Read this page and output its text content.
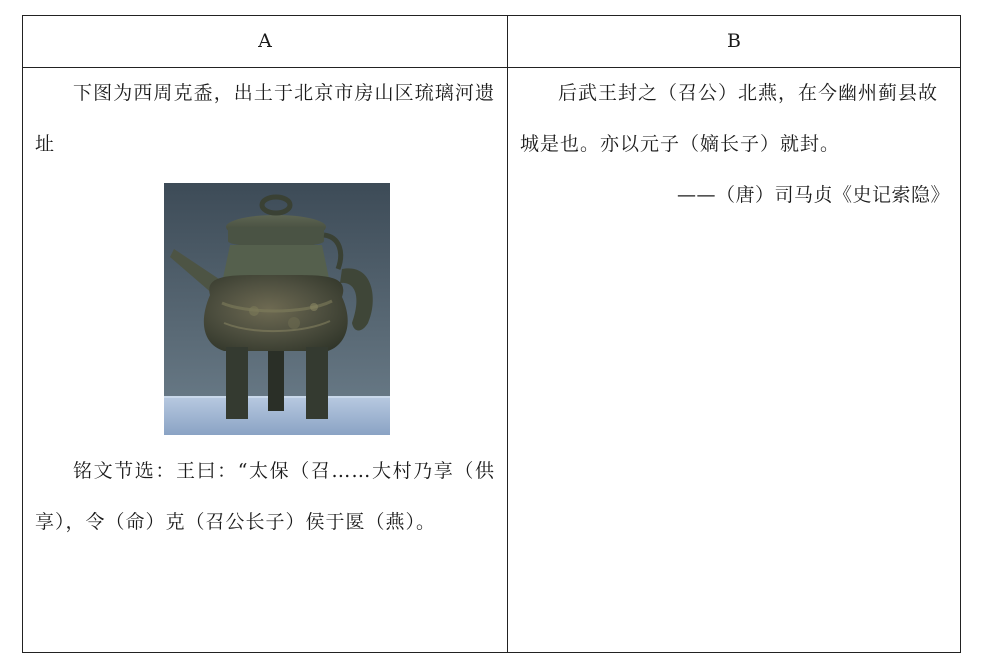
A	B

下图为西周克盉，出土于北京市房山区琉璃河遗址

铭文节选：王曰：“太保（召……大村乃享（供享），令（命）克（召公长子）侯于匽（燕）。

后武王封之（召公）北燕，在今幽州蓟县故城是也。亦以元子（嫡长子）就封。

——（唐）司马贞《史记索隐》
